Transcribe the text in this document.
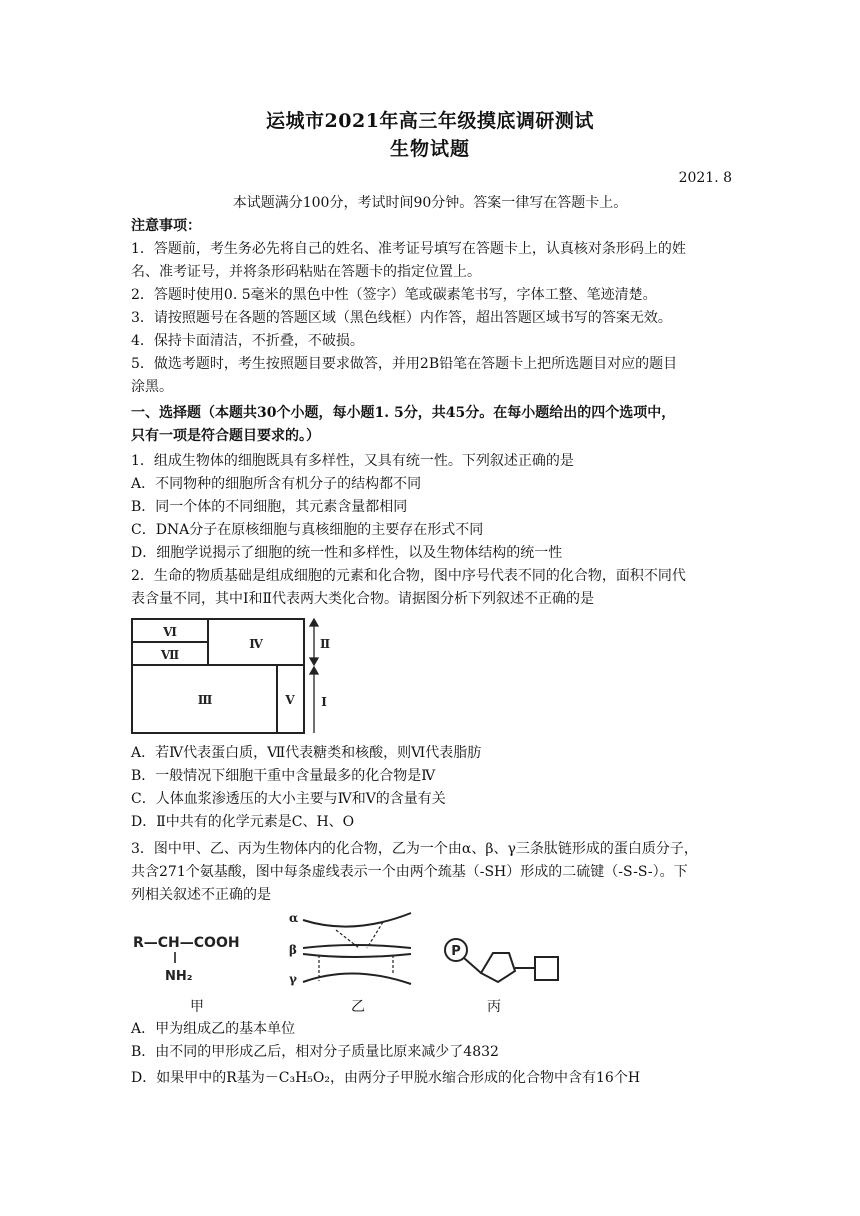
运城市2021年高三年级摸底调研测试
生物试题
2021. 8
本试题满分100分，考试时间90分钟。答案一律写在答题卡上。
注意事项：
1．答题前，考生务必先将自己的姓名、准考证号填写在答题卡上，认真核对条形码上的姓
名、准考证号，并将条形码粘贴在答题卡的指定位置上。
2．答题时使用0. 5毫米的黑色中性（签字）笔或碳素笔书写，字体工整、笔迹清楚。
3．请按照题号在各题的答题区域（黑色线框）内作答，超出答题区域书写的答案无效。
4．保持卡面清洁，不折叠，不破损。
5．做选考题时，考生按照题目要求做答，并用2B铅笔在答题卡上把所选题目对应的题目
涂黑。
一、选择题（本题共30个小题，每小题1. 5分，共45分。在每小题给出的四个选项中，
只有一项是符合题目要求的。）
1．组成生物体的细胞既具有多样性，又具有统一性。下列叙述正确的是
A．不同物种的细胞所含有机分子的结构都不同
B．同一个体的不同细胞，其元素含量都相同
C．DNA分子在原核细胞与真核细胞的主要存在形式不同
D．细胞学说揭示了细胞的统一性和多样性，以及生物体结构的统一性
2．生命的物质基础是组成细胞的元素和化合物，图中序号代表不同的化合物，面积不同代
表含量不同，其中Ⅰ和Ⅱ代表两大类化合物。请据图分析下列叙述不正确的是
Ⅵ
Ⅶ
Ⅳ
Ⅲ	Ⅴ
Ⅱ
Ⅰ
A．若Ⅳ代表蛋白质，Ⅶ代表糖类和核酸，则Ⅵ代表脂肪
B．一般情况下细胞干重中含量最多的化合物是Ⅳ
C．人体血浆渗透压的大小主要与Ⅳ和Ⅴ的含量有关
D．Ⅱ中共有的化学元素是C、H、O
3．图中甲、乙、丙为生物体内的化合物，乙为一个由α、β、γ三条肽链形成的蛋白质分子，
共含271个氨基酸，图中每条虚线表示一个由两个巯基（-SH）形成的二硫键（-S-S-）。下
列相关叙述不正确的是
R—CH—COOH
NH₂
α
β
γ
P
甲	乙	丙
A．甲为组成乙的基本单位
B．由不同的甲形成乙后，相对分子质量比原来减少了4832
D．如果甲中的R基为－C₃H₅O₂，由两分子甲脱水缩合形成的化合物中含有16个H
